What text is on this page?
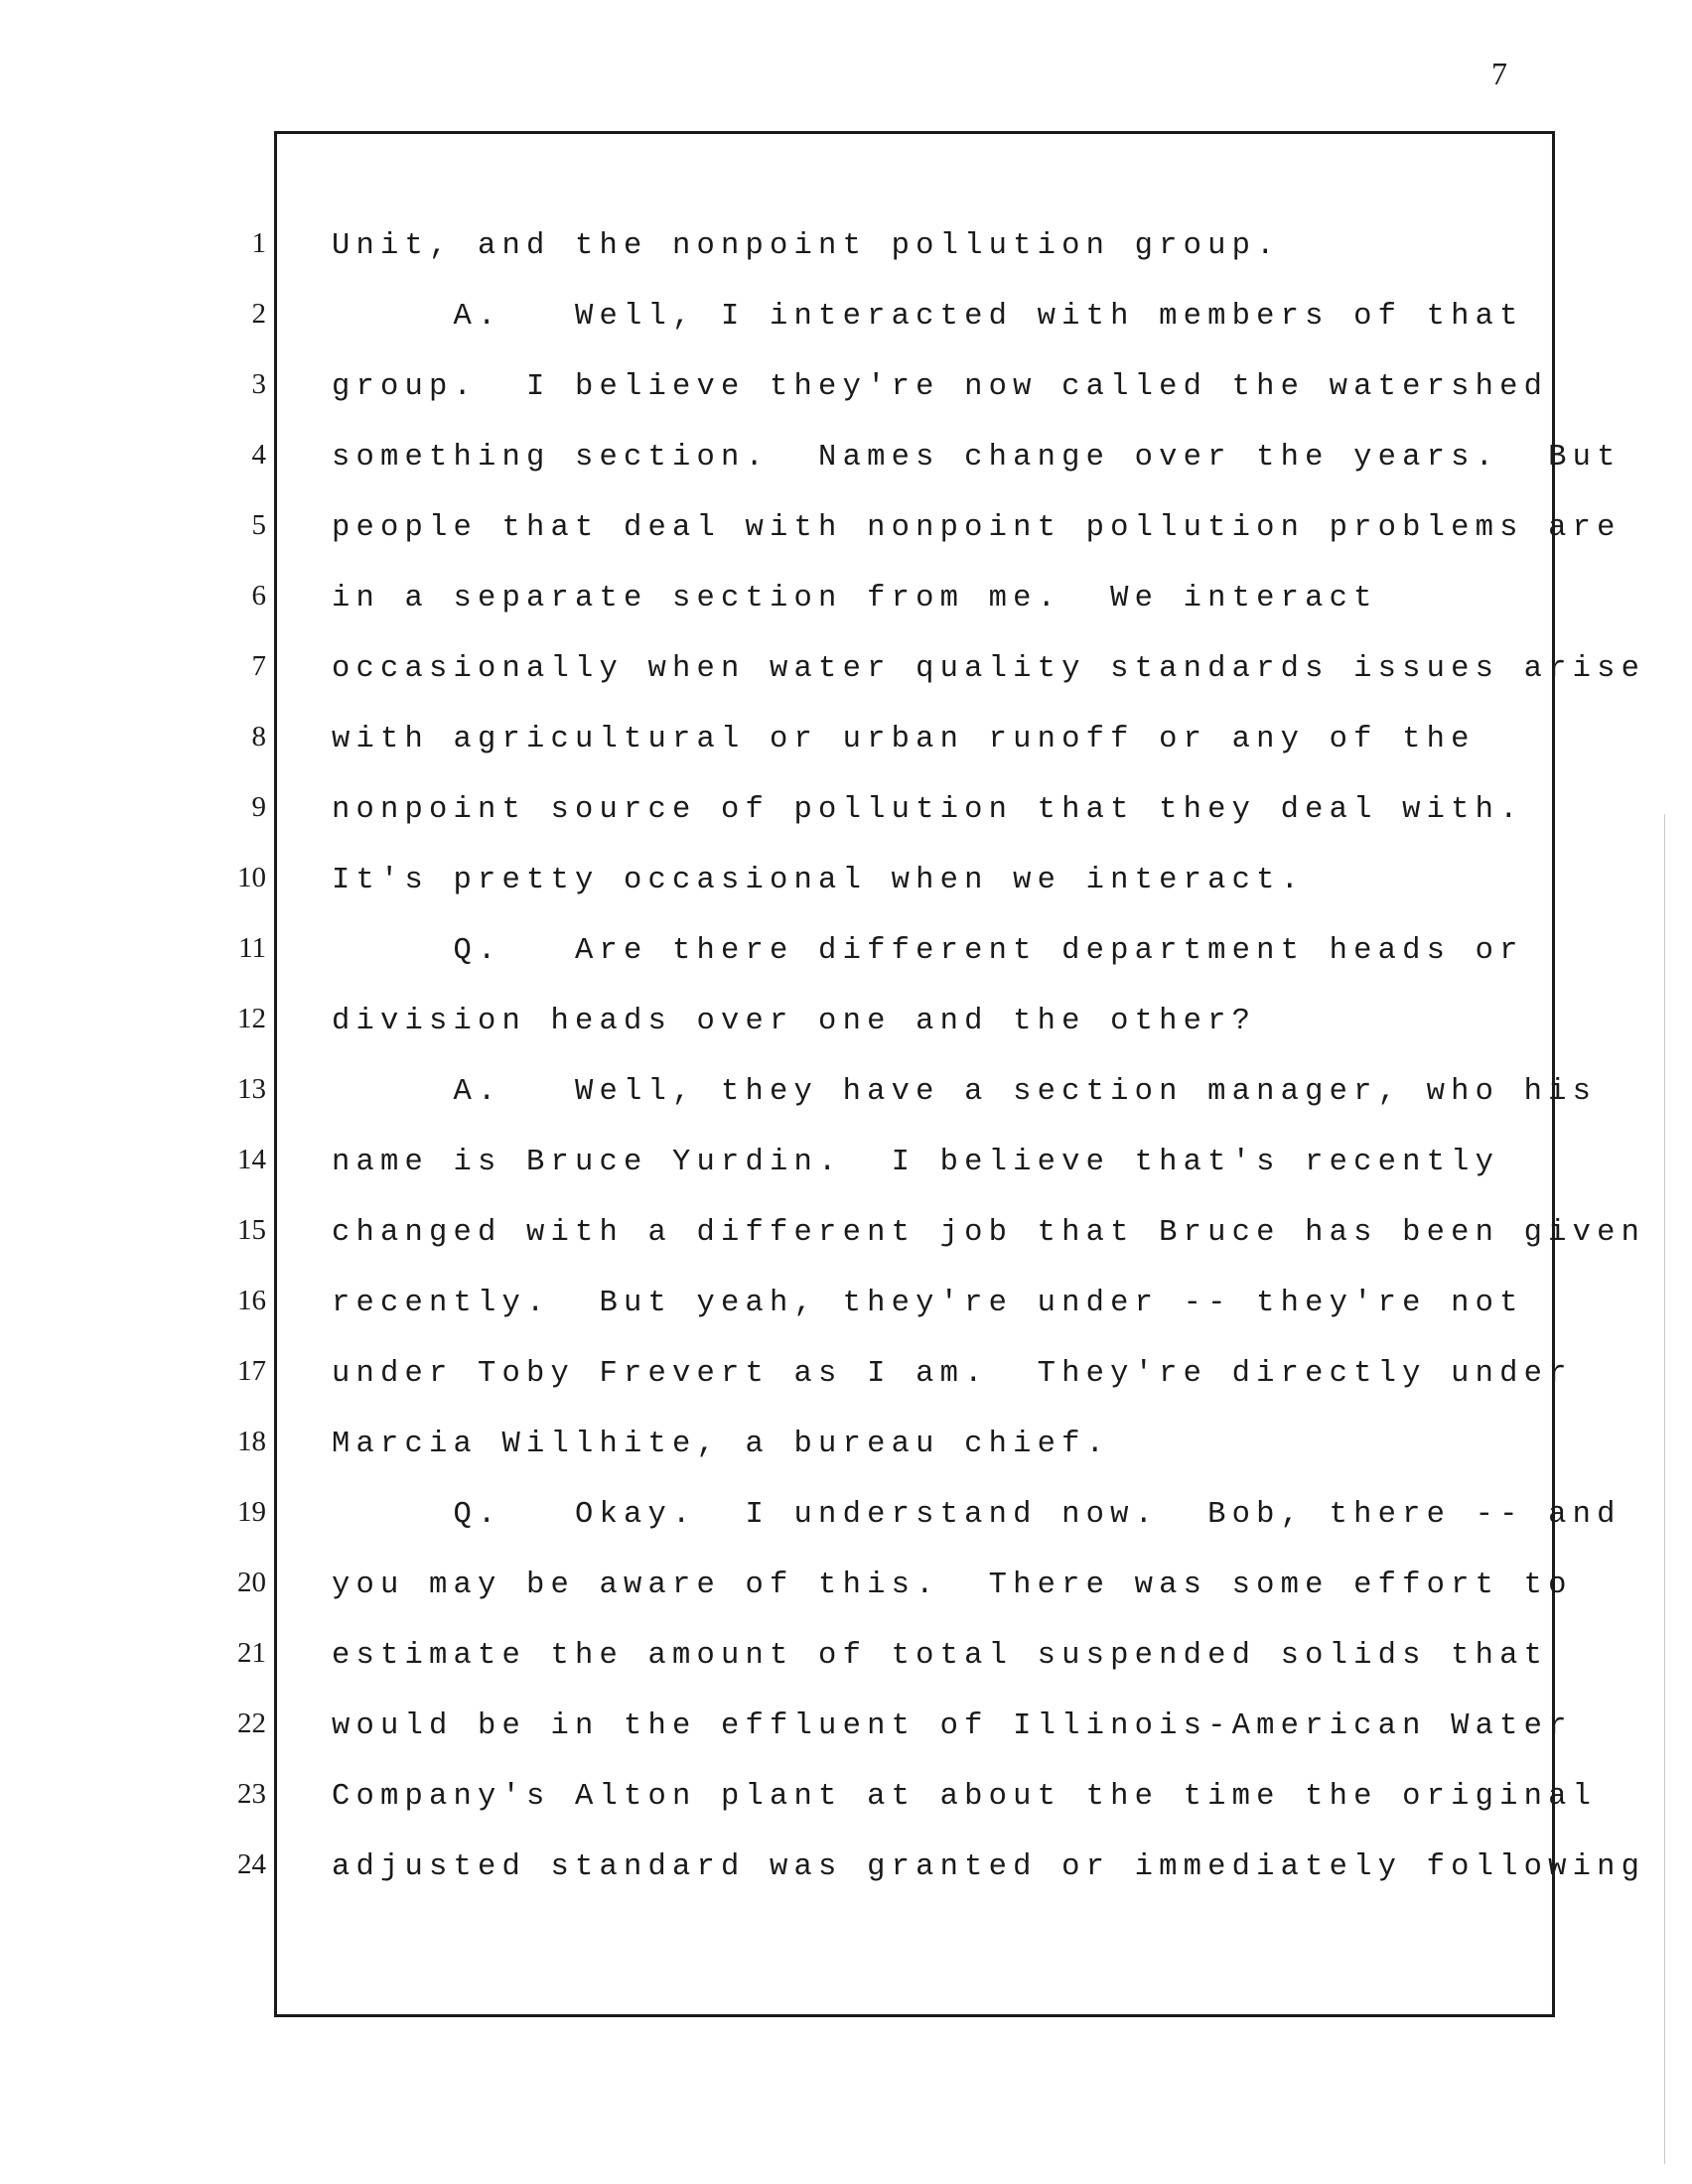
7
1 Unit, and the nonpoint pollution group.
2 A.   Well, I interacted with members of that
3 group.  I believe they're now called the watershed
4 something section.  Names change over the years.  But
5 people that deal with nonpoint pollution problems are
6 in a separate section from me.  We interact
7 occasionally when water quality standards issues arise
8 with agricultural or urban runoff or any of the
9 nonpoint source of pollution that they deal with.
10 It's pretty occasional when we interact.
11 Q.   Are there different department heads or
12 division heads over one and the other?
13 A.   Well, they have a section manager, who his
14 name is Bruce Yurdin.  I believe that's recently
15 changed with a different job that Bruce has been given
16 recently.  But yeah, they're under -- they're not
17 under Toby Frevert as I am.  They're directly under
18 Marcia Willhite, a bureau chief.
19 Q.   Okay.  I understand now.  Bob, there -- and
20 you may be aware of this.  There was some effort to
21 estimate the amount of total suspended solids that
22 would be in the effluent of Illinois-American Water
23 Company's Alton plant at about the time the original
24 adjusted standard was granted or immediately following
